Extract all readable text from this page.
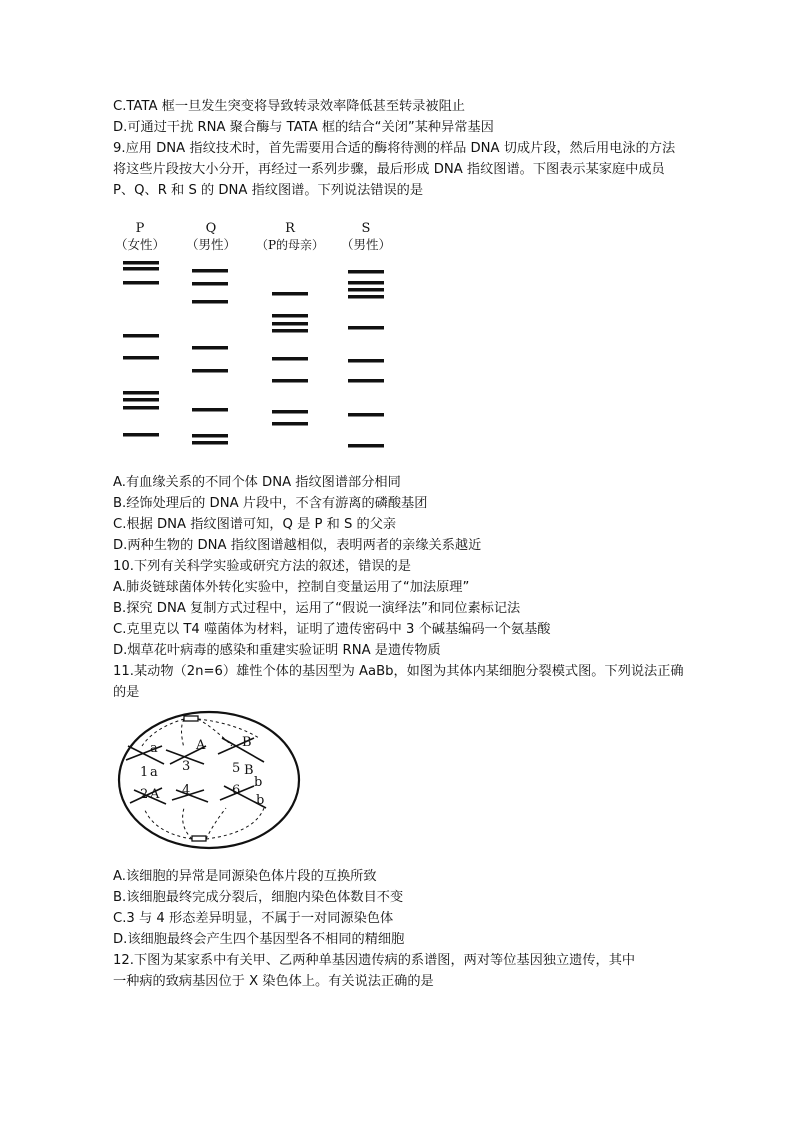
C.TATA 框一旦发生突变将导致转录效率降低甚至转录被阻止
D.可通过干扰 RNA 聚合酶与 TATA 框的结合“关闭”某种异常基因
9.应用 DNA 指纹技术时，首先需要用合适的酶将待测的样品 DNA 切成片段，然后用电泳的方法
将这些片段按大小分开，再经过一系列步骤，最后形成 DNA 指纹图谱。下图表示某家庭中成员
P、Q、R 和 S 的 DNA 指纹图谱。下列说法错误的是
P
（女性）
Q
（男性）
R
（P的母亲）
S
（男性）
A.有血缘关系的不同个体 DNA 指纹图谱部分相同
B.经饰处理后的 DNA 片段中，不含有游离的磷酸基团
C.根据 DNA 指纹图谱可知，Q 是 P 和 S 的父亲
D.两种生物的 DNA 指纹图谱越相似，表明两者的亲缘关系越近
10.下列有关科学实验或研究方法的叙述，错误的是
A.肺炎链球菌体外转化实验中，控制自变量运用了“加法原理”
B.探究 DNA 复制方式过程中，运用了“假说一演绎法”和同位素标记法
C.克里克以 T4 噬菌体为材料，证明了遗传密码中 3 个碱基编码一个氨基酸
D.烟草花叶病毒的感染和重建实验证明 RNA 是遗传物质
11.某动物（2n=6）雄性个体的基因型为 AaBb，如图为其体内某细胞分裂模式图。下列说法正确
的是
a	A	B
1 a 3	5 B
b
2 A 4	6
b
A.该细胞的异常是同源染色体片段的互换所致
B.该细胞最终完成分裂后，细胞内染色体数目不变
C.3 与 4 形态差异明显，不属于一对同源染色体
D.该细胞最终会产生四个基因型各不相同的精细胞
12.下图为某家系中有关甲、乙两种单基因遗传病的系谱图，两对等位基因独立遗传，其中
一种病的致病基因位于 X 染色体上。有关说法正确的是
